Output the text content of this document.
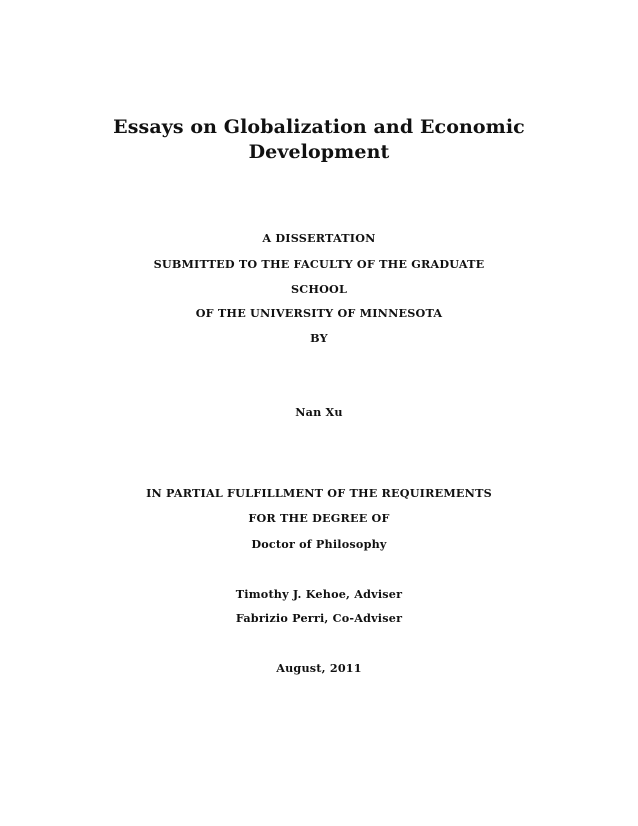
Essays on Globalization and Economic
Development
A DISSERTATION
SUBMITTED TO THE FACULTY OF THE GRADUATE
SCHOOL
OF THE UNIVERSITY OF MINNESOTA
BY
Nan Xu
IN PARTIAL FULFILLMENT OF THE REQUIREMENTS
FOR THE DEGREE OF
Doctor of Philosophy
Timothy J. Kehoe, Adviser
Fabrizio Perri, Co-Adviser
August, 2011
